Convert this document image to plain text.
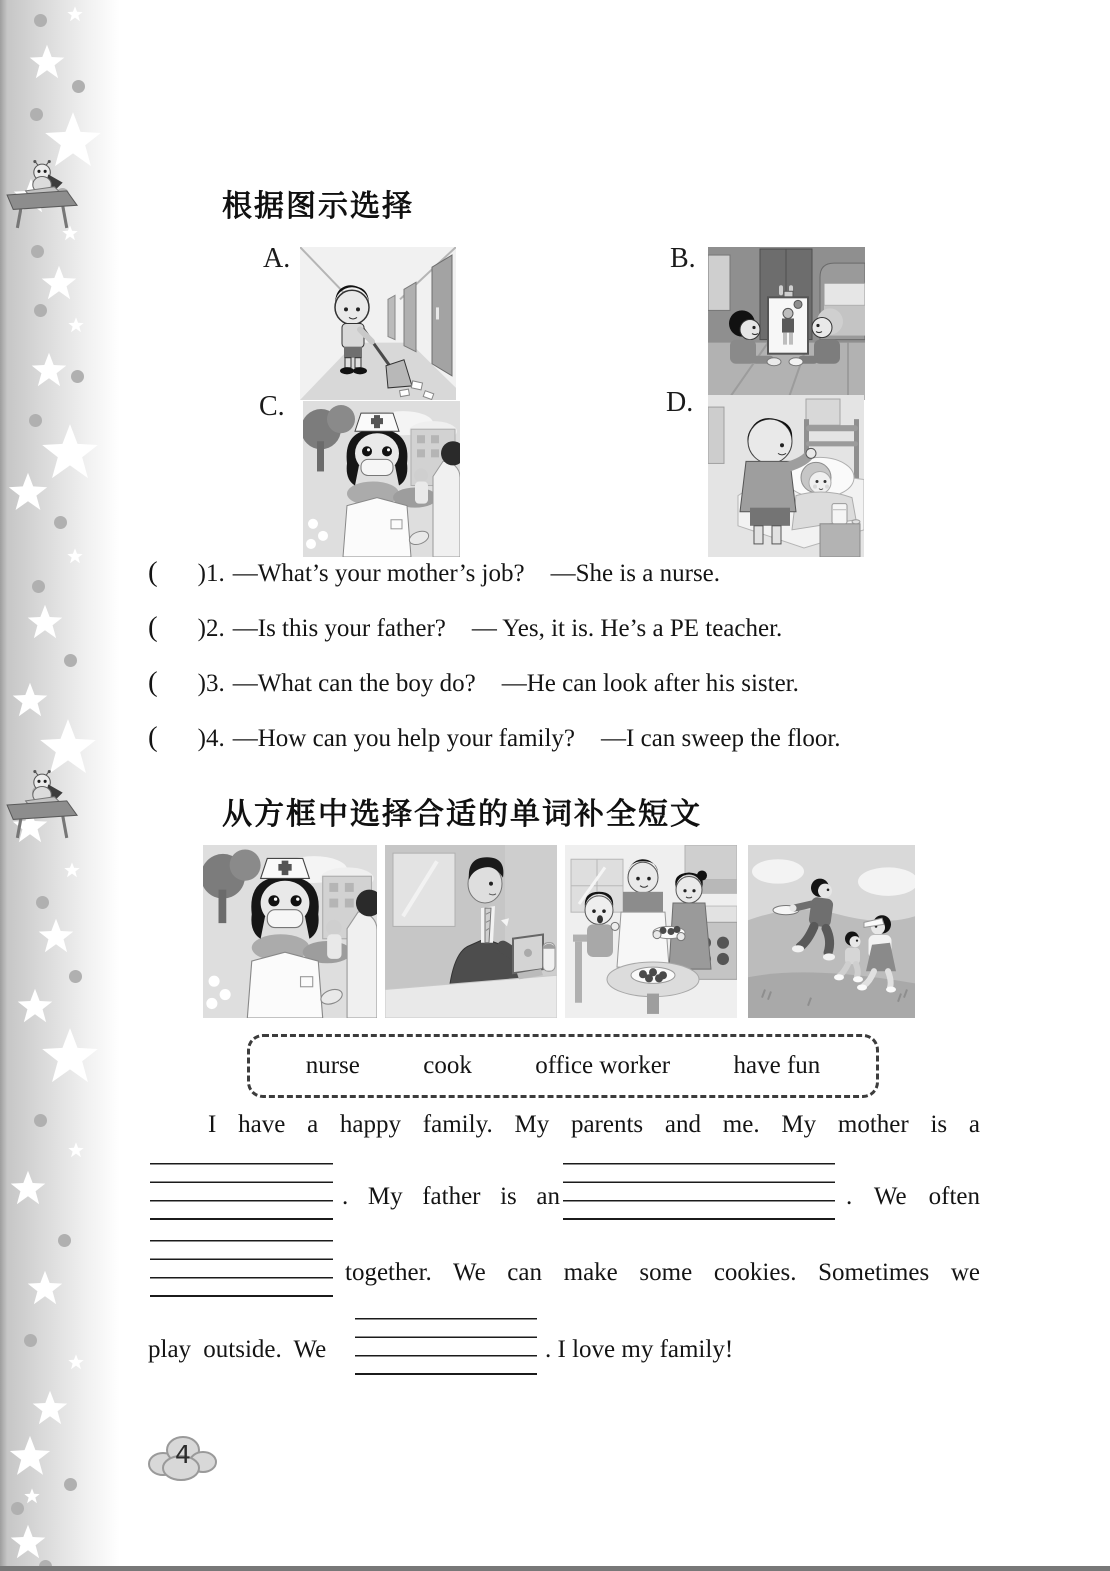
根据图示选择
A.	B.
C.	D.
( )1. —What’s your mother’s job? —She is a nurse.
( )2. —Is this your father? — Yes, it is. He’s a PE teacher.
( )3. —What can the boy do? —He can look after his sister.
( )4. —How can you help your family? —I can sweep the floor.
从方框中选择合适的单词补全短文
nurse	cook	office worker	have fun
I have a happy family. My parents and me. My mother is a
. My father is an	. We often
together. We can make some cookies. Sometimes we
play outside. We	. I love my family!
4
